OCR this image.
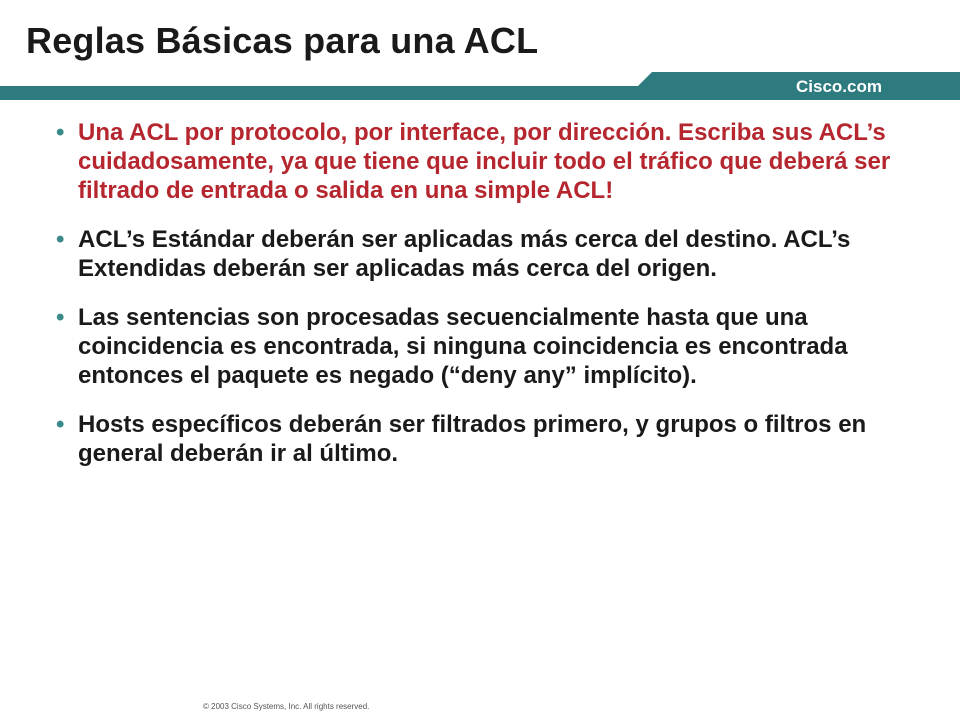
Reglas Básicas para una ACL
Cisco.com
• Una ACL por protocolo, por interface, por dirección. Escriba sus ACL’s cuidadosamente, ya que tiene que incluir todo el tráfico que deberá ser filtrado de entrada o salida en una simple ACL!
• ACL’s Estándar deberán ser aplicadas más cerca del destino. ACL’s Extendidas deberán ser aplicadas más cerca del origen.
• Las sentencias son procesadas secuencialmente hasta que una coincidencia es encontrada, si ninguna coincidencia es encontrada entonces el paquete es negado (“deny any” implícito).
• Hosts específicos deberán ser filtrados primero, y grupos o filtros en general deberán ir al último.
© 2003 Cisco Systems, Inc. All rights reserved.
